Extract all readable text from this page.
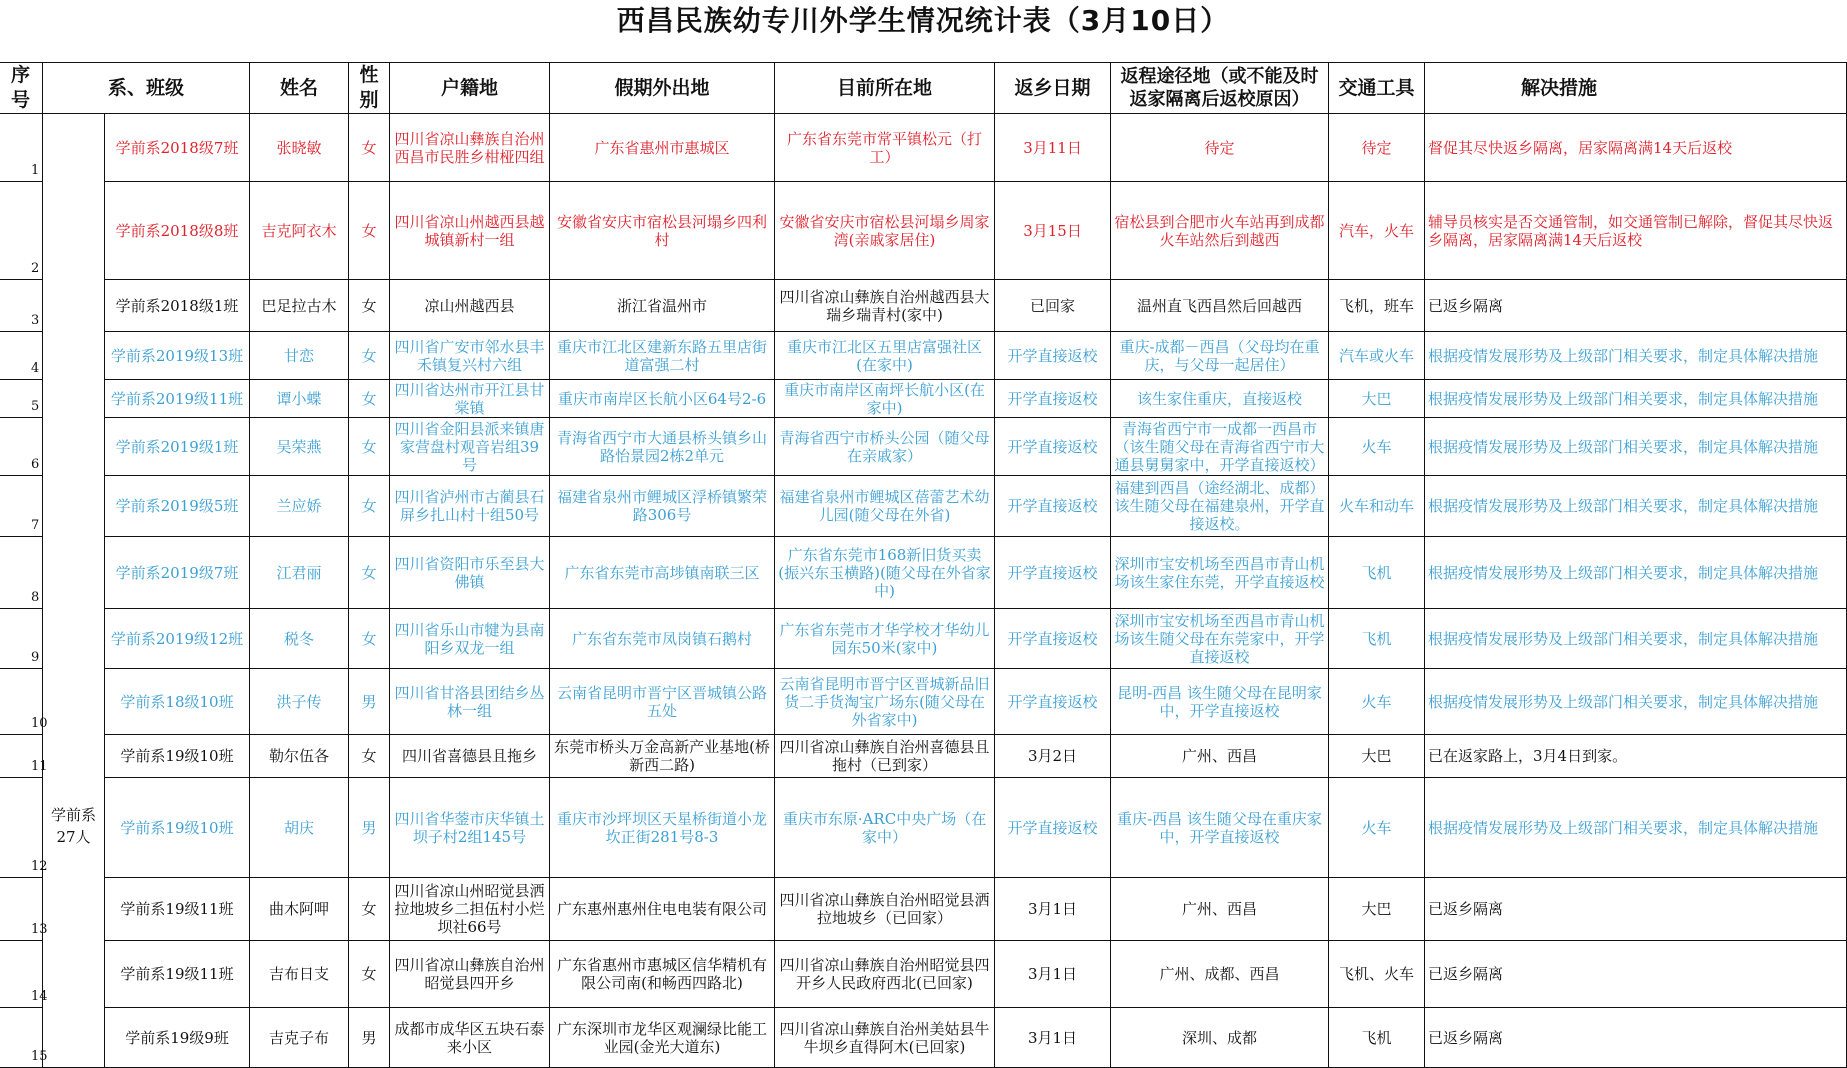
西昌民族幼专川外学生情况统计表（3月10日）
序号	系、班级		姓名	性别	户籍地	假期外出地	目前所在地	返乡日期	返程途径地（或不能及时返家隔离后返校原因）	交通工具	解决措施
1	学前系27人	学前系2018级7班	张晓敏	女	四川省凉山彝族自治州西昌市民胜乡柑桠四组	广东省惠州市惠城区	广东省东莞市常平镇松元（打工）	3月11日	待定	待定	督促其尽快返乡隔离，居家隔离满14天后返校
2		学前系2018级8班	吉克阿衣木	女	四川省凉山州越西县越城镇新村一组	安徽省安庆市宿松县河塌乡四利村	安徽省安庆市宿松县河塌乡周家湾(亲戚家居住)	3月15日	宿松县到合肥市火车站再到成都火车站然后到越西	汽车，火车	辅导员核实是否交通管制，如交通管制已解除，督促其尽快返乡隔离，居家隔离满14天后返校
3		学前系2018级1班	巴足拉古木	女	凉山州越西县	浙江省温州市	四川省凉山彝族自治州越西县大瑞乡瑞青村(家中)	已回家	温州直飞西昌然后回越西	飞机，班车	已返乡隔离
4		学前系2019级13班	甘恋	女	四川省广安市邻水县丰禾镇复兴村六组	重庆市江北区建新东路五里店街道富强二村	重庆市江北区五里店富强社区(在家中)	开学直接返校	重庆-成都－西昌（父母均在重庆，与父母一起居住）	汽车或火车	根据疫情发展形势及上级部门相关要求，制定具体解决措施
5		学前系2019级11班	谭小蝶	女	四川省达州市开江县甘棠镇	重庆市南岸区长航小区64号2-6	重庆市南岸区南坪长航小区(在家中)	开学直接返校	该生家住重庆，直接返校	大巴	根据疫情发展形势及上级部门相关要求，制定具体解决措施
6		学前系2019级1班	吴荣燕	女	四川省金阳县派来镇唐家营盘村观音岩组39号	青海省西宁市大通县桥头镇乡山路怡景园2栋2单元	青海省西宁市桥头公园（随父母在亲戚家）	开学直接返校	青海省西宁市一成都一西昌市（该生随父母在青海省西宁市大通县舅舅家中，开学直接返校）	火车	根据疫情发展形势及上级部门相关要求，制定具体解决措施
7		学前系2019级5班	兰应娇	女	四川省泸州市古蔺县石屏乡扎山村十组50号	福建省泉州市鲤城区浮桥镇繁荣路306号	福建省泉州市鲤城区蓓蕾艺术幼儿园(随父母在外省)	开学直接返校	福建到西昌（途经湖北、成都）该生随父母在福建泉州，开学直接返校。	火车和动车	根据疫情发展形势及上级部门相关要求，制定具体解决措施
8		学前系2019级7班	江君丽	女	四川省资阳市乐至县大佛镇	广东省东莞市高埗镇南联三区	广东省东莞市168新旧货买卖(振兴东玉横路)(随父母在外省家中)	开学直接返校	深圳市宝安机场至西昌市青山机场该生家住东莞，开学直接返校	飞机	根据疫情发展形势及上级部门相关要求，制定具体解决措施
9		学前系2019级12班	税冬	女	四川省乐山市犍为县南阳乡双龙一组	广东省东莞市凤岗镇石鹅村	广东省东莞市才华学校才华幼儿园东50米(家中)	开学直接返校	深圳市宝安机场至西昌市青山机场该生随父母在东莞家中，开学直接返校	飞机	根据疫情发展形势及上级部门相关要求，制定具体解决措施
10		学前系18级10班	洪子传	男	四川省甘洛县团结乡丛林一组	云南省昆明市晋宁区晋城镇公路五处	云南省昆明市晋宁区晋城新品旧货二手货淘宝广场东(随父母在外省家中)	开学直接返校	昆明-西昌 该生随父母在昆明家中，开学直接返校	火车	根据疫情发展形势及上级部门相关要求，制定具体解决措施
11		学前系19级10班	勒尔伍各	女	四川省喜德县且拖乡	东莞市桥头万金高新产业基地(桥新西二路)	四川省凉山彝族自治州喜德县且拖村（已到家）	3月2日	广州、西昌	大巴	已在返家路上，3月4日到家。
12		学前系19级10班	胡庆	男	四川省华蓥市庆华镇土坝子村2组145号	重庆市沙坪坝区天星桥街道小龙坎正街281号8-3	重庆市东原·ARC中央广场（在家中）	开学直接返校	重庆-西昌 该生随父母在重庆家中，开学直接返校	火车	根据疫情发展形势及上级部门相关要求，制定具体解决措施
13		学前系19级11班	曲木阿呷	女	四川省凉山州昭觉县洒拉地坡乡二担伍村小烂坝社66号	广东惠州惠州住电电装有限公司	四川省凉山彝族自治州昭觉县洒拉地坡乡（已回家）	3月1日	广州、西昌	大巴	已返乡隔离
14		学前系19级11班	吉布日支	女	四川省凉山彝族自治州昭觉县四开乡	广东省惠州市惠城区信华精机有限公司南(和畅西四路北)	四川省凉山彝族自治州昭觉县四开乡人民政府西北(已回家)	3月1日	广州、成都、西昌	飞机、火车	已返乡隔离
15		学前系19级9班	吉克子布	男	成都市成华区五块石泰来小区	广东深圳市龙华区观澜绿比能工业园(金光大道东)	四川省凉山彝族自治州美姑县牛牛坝乡直得阿木(已回家)	3月1日	深圳、成都	飞机	已返乡隔离
